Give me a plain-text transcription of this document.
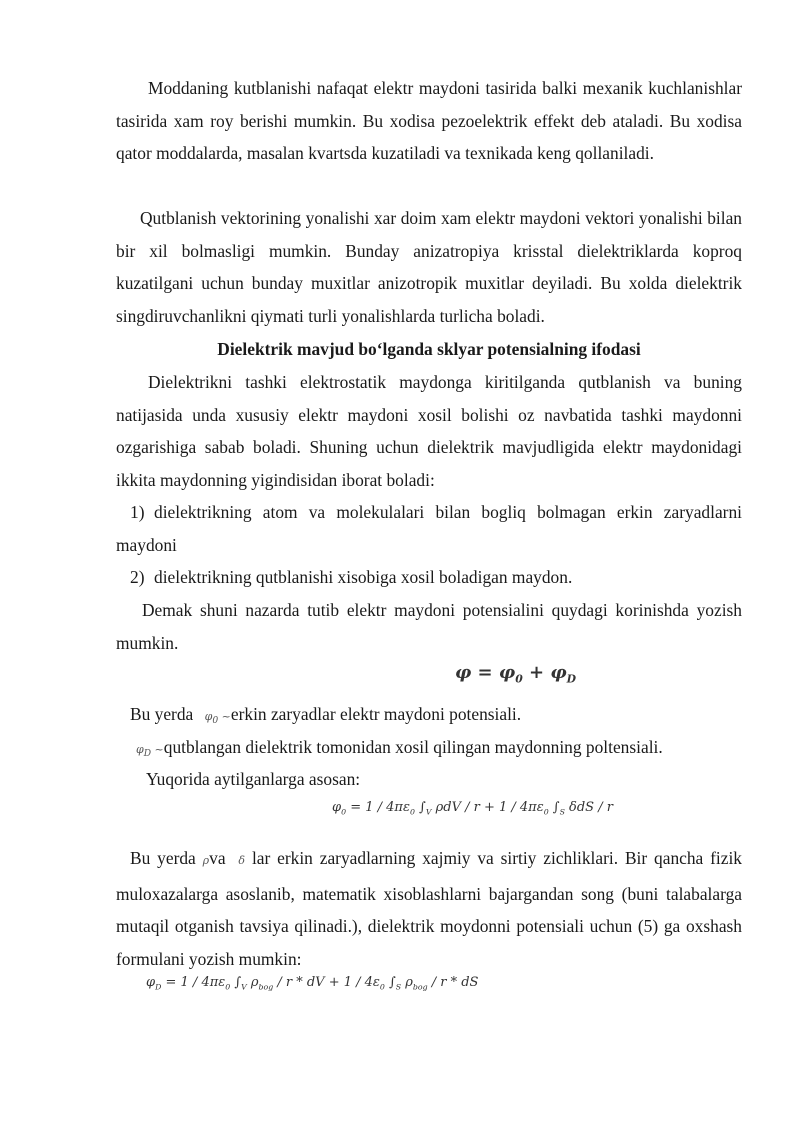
Moddaning kutblanishi nafaqat elektr maydoni tasirida balki mexanik kuchlanishlar tasirida xam roy berishi mumkin. Bu xodisa pezoelektrik effekt deb ataladi. Bu xodisa qator moddalarda, masalan kvartsda kuzatiladi va texnikada keng qollaniladi.
Qutblanish vektorining yonalishi xar doim xam elektr maydoni vektori yonalishi bilan bir xil bolmasligi mumkin. Bunday anizatropiya krisstal dielektriklarda koproq kuzatilgani uchun bunday muxitlar anizotropik muxitlar deyiladi. Bu xolda dielektrik singdiruvchanlikni qiymati turli yonalishlarda turlicha boladi.
Dielektrik mavjud bo‘lganda sklyar potensialning ifodasi
Dielektrikni tashki elektrostatik maydonga kiritilganda qutblanish va buning natijasida unda xususiy elektr maydoni xosil bolishi oz navbatida tashki maydonni ozgarishiga sabab boladi. Shuning uchun dielektrik mavjudligida elektr maydonidagi ikkita maydonning yigindisidan iborat boladi:
1) dielektrikning atom va molekulalari bilan bogliq bolmagan erkin zaryadlarni maydoni
2) dielektrikning qutblanishi xisobiga xosil boladigan maydon.
Demak shuni nazarda tutib elektr maydoni potensialini quydagi korinishda yozish mumkin.
$\varphi = \varphi_0 + \varphi_D$
Bu yerda   $\varphi_0$ ~erkin zaryadlar elektr maydoni potensiali.
$\varphi_D$ ~qutblangan dielektrik tomonidan xosil qilingan maydonning poltensiali.
Yuqorida aytilganlarga asosan:
$\varphi_0 = 1 / 4\pi\varepsilon_0$ $\int_V$ $\rho dV / r + 1 / 4\pi\varepsilon_0$ $\int_S$ δdS / r
Bu yerda ρva  δ lar erkin zaryadlarning xajmiy va sirtiy zichliklari. Bir qancha fizik muloxazalarga asoslanib, matematik xisoblashlarni bajargandan song (buni talabalarga mutaqil otganish tavsiya qilinadi.), dielektrik moydonni potensiali uchun (5) ga oxshash formulani yozish mumkin:
$\varphi_D = 1 / 4\pi\varepsilon_0$ $\int_V$ $\rho_{bog}$ / r * dV + $1 / 4\varepsilon_0$ $\int_S$ $\rho_{bog}$ / r * dS
